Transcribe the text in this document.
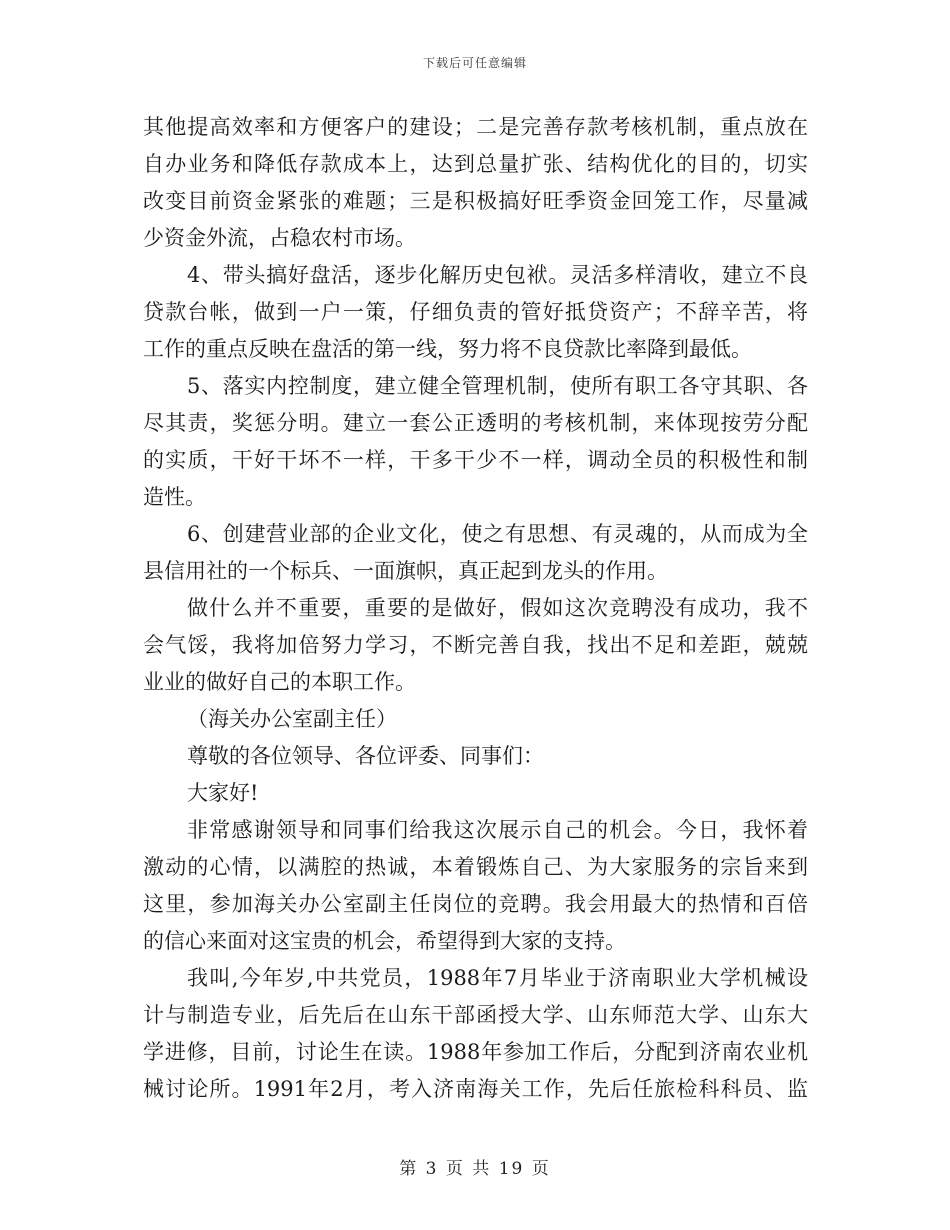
下载后可任意编辑
其他提高效率和方便客户的建设；二是完善存款考核机制，重点放在
自办业务和降低存款成本上，达到总量扩张、结构优化的目的，切实
改变目前资金紧张的难题；三是积极搞好旺季资金回笼工作，尽量减
少资金外流，占稳农村市场。
4、带头搞好盘活，逐步化解历史包袱。灵活多样清收，建立不良
贷款台帐，做到一户一策，仔细负责的管好抵贷资产；不辞辛苦，将
工作的重点反映在盘活的第一线，努力将不良贷款比率降到最低。
5、落实内控制度，建立健全管理机制，使所有职工各守其职、各
尽其责，奖惩分明。建立一套公正透明的考核机制，来体现按劳分配
的实质，干好干坏不一样，干多干少不一样，调动全员的积极性和制
造性。
6、创建营业部的企业文化，使之有思想、有灵魂的，从而成为全
县信用社的一个标兵、一面旗帜，真正起到龙头的作用。
做什么并不重要，重要的是做好，假如这次竞聘没有成功，我不
会气馁，我将加倍努力学习，不断完善自我，找出不足和差距，兢兢
业业的做好自己的本职工作。
（海关办公室副主任）
尊敬的各位领导、各位评委、同事们：
大家好!
非常感谢领导和同事们给我这次展示自己的机会。今日，我怀着
激动的心情，以满腔的热诚，本着锻炼自己、为大家服务的宗旨来到
这里，参加海关办公室副主任岗位的竞聘。我会用最大的热情和百倍
的信心来面对这宝贵的机会，希望得到大家的支持。
我叫,今年岁,中共党员，1988年7月毕业于济南职业大学机械设
计与制造专业，后先后在山东干部函授大学、山东师范大学、山东大
学进修，目前，讨论生在读。1988年参加工作后，分配到济南农业机
械讨论所。1991年2月，考入济南海关工作，先后任旅检科科员、监
第 3 页 共 19 页
